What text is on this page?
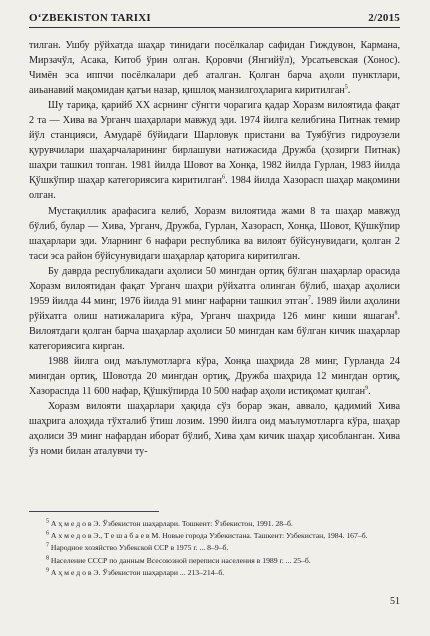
O‘ZBEKISTON TARIXI	2/2015

тилган. Ушбу рўйхатда шаҳар тинидаги посёлкалар сафидан Гиждувон, Кармана, Мирзачўл, Асака, Китоб ўрин олган. Қоровчи (Янгийўл), Урсатьевская (Хонос). Чимён эса иппчи посёлкалари деб аталган. Қолган барча аҳоли пунктлари, аиьанавий мақомидан қатъи назар, қишлоқ манзилгоҳларига киритилган$^5$.

Шу тариқа, қарийб ХХ асрнинг сўнгги чорагига қадар Хоразм вилоятида фақат 2 та — Хива ва Урганч шаҳарлари мавжуд эди. 1974 йилга келибгина Питнак темир йўл станцияси, Амударё бўйидаги Шарловук пристани ва Туябўгиз гидроузели қурувчилари шаҳарчаларининг бирлашуви натижасида Дружба (ҳозирги Питнак) шаҳри ташкил топган. 1981 йилда Шовот ва Хонқа, 1982 йилда Гурлан, 1983 йилда Қўшкўпир шаҳар категориясига киритилган$^6$. 1984 йилда Хазорасп шаҳар мақомини олган.

Мустақиллик арафасига келиб, Хоразм вилоятида жами 8 та шаҳар мавжуд бўлиб, булар — Хива, Урганч, Дружба, Гурлан, Хазорасп, Хонқа, Шовот, Қўшкўпир шаҳарлари эди. Уларнинг 6 нафари республика ва вилоят бўйсунувидаги, қолган 2 таси эса район бўйсунувидаги шаҳарлар қаторига киритилган.

Бу даврда республикадаги аҳолиси 50 мингдан ортиқ бўлган шаҳарлар орасида Хоразм вилоятидан фақат Урганч шаҳри рўйхатга олинган бўлиб, шаҳар аҳолиси 1959 йилда 44 минг, 1976 йилда 91 минг нафарни ташкил этган$^7$. 1989 йили аҳолини рўйхатга олиш натижаларига кўра, Урганч шаҳрида 126 минг киши яшаган$^8$. Вилоятдаги қолган барча шаҳарлар аҳолиси 50 мингдан кам бўлган кичик шаҳарлар категориясига кирган.

1988 йилга оид маълумотларга кўра, Хонқа шаҳрида 28 минг, Гурланда 24 мингдан ортиқ, Шовотда 20 мингдан ортиқ, Дружба шаҳрида 12 мингдан ортиқ, Хазораспда 11 600 нафар, Қўшкўпирда 10 500 нафар аҳоли истиқомат қилган$^9$.

Хоразм вилояти шаҳарлари ҳақида сўз борар экан, аввало, қадимий Хива шаҳрига алоҳида тўхталиб ўтиш лозим. 1990 йилга оид маълумотларга кўра, шаҳар аҳолиси 39 минг нафардан иборат бўлиб, Хива ҳам кичик шаҳар ҳисобланган. Хива ўз номи билан аталувчи ту-

$^5$ А ҳ м е д о в Э. Ўзбекистон шаҳарлари. Тошкент: Ўзбекистон, 1991. 28–б.

$^6$ А х м е д о в Э., Т е ш а б а е в М. Новые города Узбекистана. Ташкент: Узбекистан, 1984. 167–б.

$^7$ Народное хозяйство Узбекской ССР в 1975 г. ... 8–9–б.

$^8$ Население СССР по данным Всесоюзной переписи населения в 1989 г. ... 25–б.

$^9$ А ҳ м е д о в Э. Ўзбекистон шаҳарлари ... 213–214–б.

51
